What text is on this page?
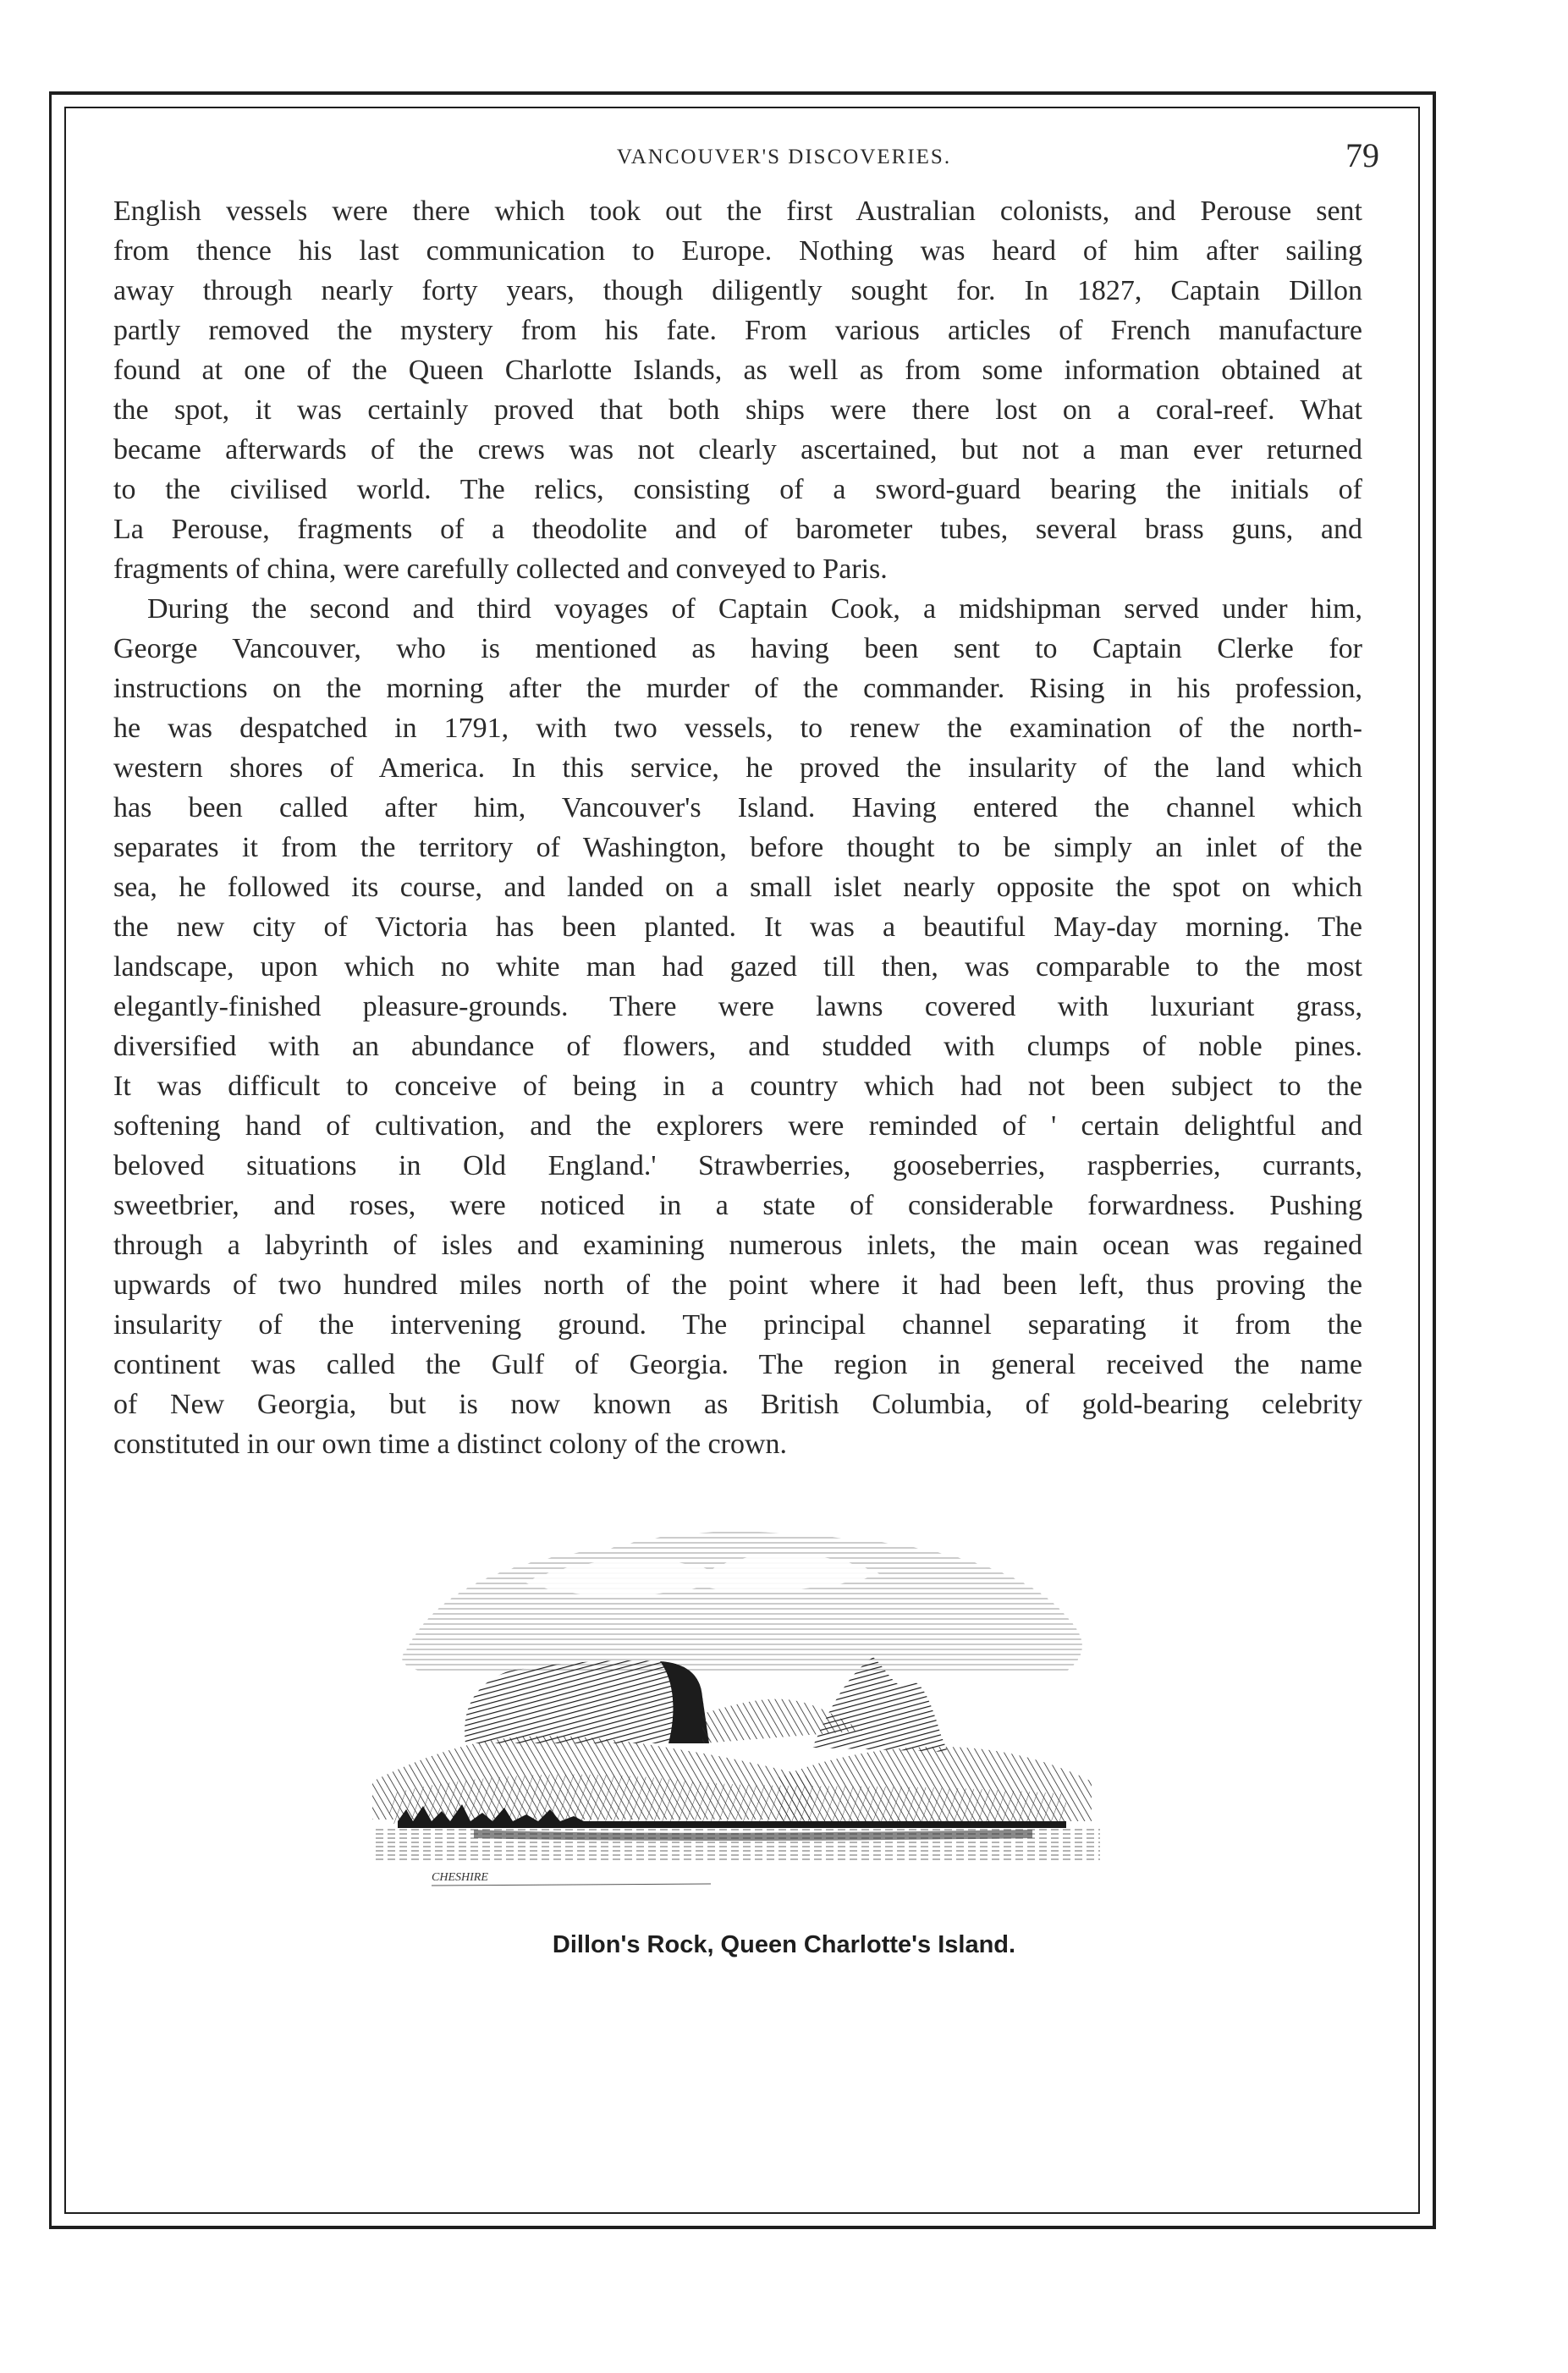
VANCOUVER'S DISCOVERIES.	79
English vessels were there which took out the first Australian colonists, and Perouse sent
from thence his last communication to Europe. Nothing was heard of him after sailing
away through nearly forty years, though diligently sought for. In 1827, Captain Dillon
partly removed the mystery from his fate. From various articles of French manufacture
found at one of the Queen Charlotte Islands, as well as from some information obtained at
the spot, it was certainly proved that both ships were there lost on a coral-reef. What
became afterwards of the crews was not clearly ascertained, but not a man ever returned
to the civilised world. The relics, consisting of a sword-guard bearing the initials of
La Perouse, fragments of a theodolite and of barometer tubes, several brass guns, and
fragments of china, were carefully collected and conveyed to Paris.
During the second and third voyages of Captain Cook, a midshipman served under him,
George Vancouver, who is mentioned as having been sent to Captain Clerke for
instructions on the morning after the murder of the commander. Rising in his profession,
he was despatched in 1791, with two vessels, to renew the examination of the north-
western shores of America. In this service, he proved the insularity of the land which
has been called after him, Vancouver's Island. Having entered the channel which
separates it from the territory of Washington, before thought to be simply an inlet of the
sea, he followed its course, and landed on a small islet nearly opposite the spot on which
the new city of Victoria has been planted. It was a beautiful May-day morning. The
landscape, upon which no white man had gazed till then, was comparable to the most
elegantly-finished pleasure-grounds. There were lawns covered with luxuriant grass,
diversified with an abundance of flowers, and studded with clumps of noble pines.
It was difficult to conceive of being in a country which had not been subject to the
softening hand of cultivation, and the explorers were reminded of ' certain delightful and
beloved situations in Old England.' Strawberries, gooseberries, raspberries, currants,
sweetbrier, and roses, were noticed in a state of considerable forwardness. Pushing
through a labyrinth of isles and examining numerous inlets, the main ocean was regained
upwards of two hundred miles north of the point where it had been left, thus proving the
insularity of the intervening ground. The principal channel separating it from the
continent was called the Gulf of Georgia. The region in general received the name
of New Georgia, but is now known as British Columbia, of gold-bearing celebrity
constituted in our own time a distinct colony of the crown.
CHESHIRE
Dillon's Rock, Queen Charlotte's Island.
